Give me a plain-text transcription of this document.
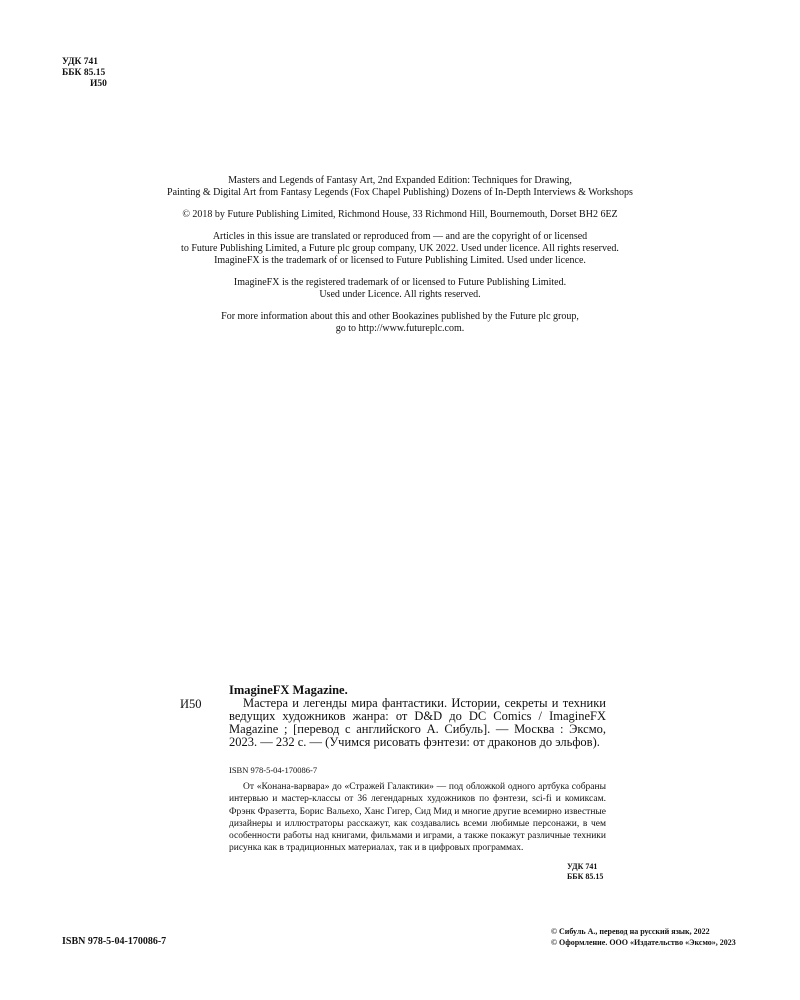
УДК 741
ББК 85.15
И50

Masters and Legends of Fantasy Art, 2nd Expanded Edition: Techniques for Drawing,
Painting & Digital Art from Fantasy Legends (Fox Chapel Publishing) Dozens of In-Depth Interviews & Workshops

© 2018 by Future Publishing Limited, Richmond House, 33 Richmond Hill, Bournemouth, Dorset BH2 6EZ

Articles in this issue are translated or reproduced from — and are the copyright of or licensed
to Future Publishing Limited, a Future plc group company, UK 2022. Used under licence. All rights reserved.
ImagineFX is the trademark of or licensed to Future Publishing Limited. Used under licence.

ImagineFX is the registered trademark of or licensed to Future Publishing Limited.
Used under Licence. All rights reserved.

For more information about this and other Bookazines published by the Future plc group,
go to http://www.futureplc.com.

ImagineFX Magazine.
И50	Мастера и легенды мира фантастики. Истории, секреты и техники ведущих художников жанра: от D&D до DC Comics / ImagineFX Magazine ; [перевод с английского А. Сибуль]. — Москва : Эксмо, 2023. — 232 с. — (Учимся рисовать фэнтези: от драконов до эльфов).

ISBN 978-5-04-170086-7

От «Конана-варвара» до «Стражей Галактики» — под обложкой одного артбука собраны интервью и мастер-классы от 36 легендарных художников по фэнтези, sci-fi и комиксам. Фрэнк Фразетта, Борис Вальехо, Ханс Гигер, Сид Мид и многие другие всемирно известные дизайнеры и иллюстраторы расскажут, как создавались всеми любимые персонажи, в чем особенности работы над книгами, фильмами и играми, а также покажут различные техники рисунка как в традиционных материалах, так и в цифровых программах.

УДК 741
ББК 85.15
ISBN 978-5-04-170086-7
© Сибуль А., перевод на русский язык, 2022
© Оформление. ООО «Издательство «Эксмо», 2023
